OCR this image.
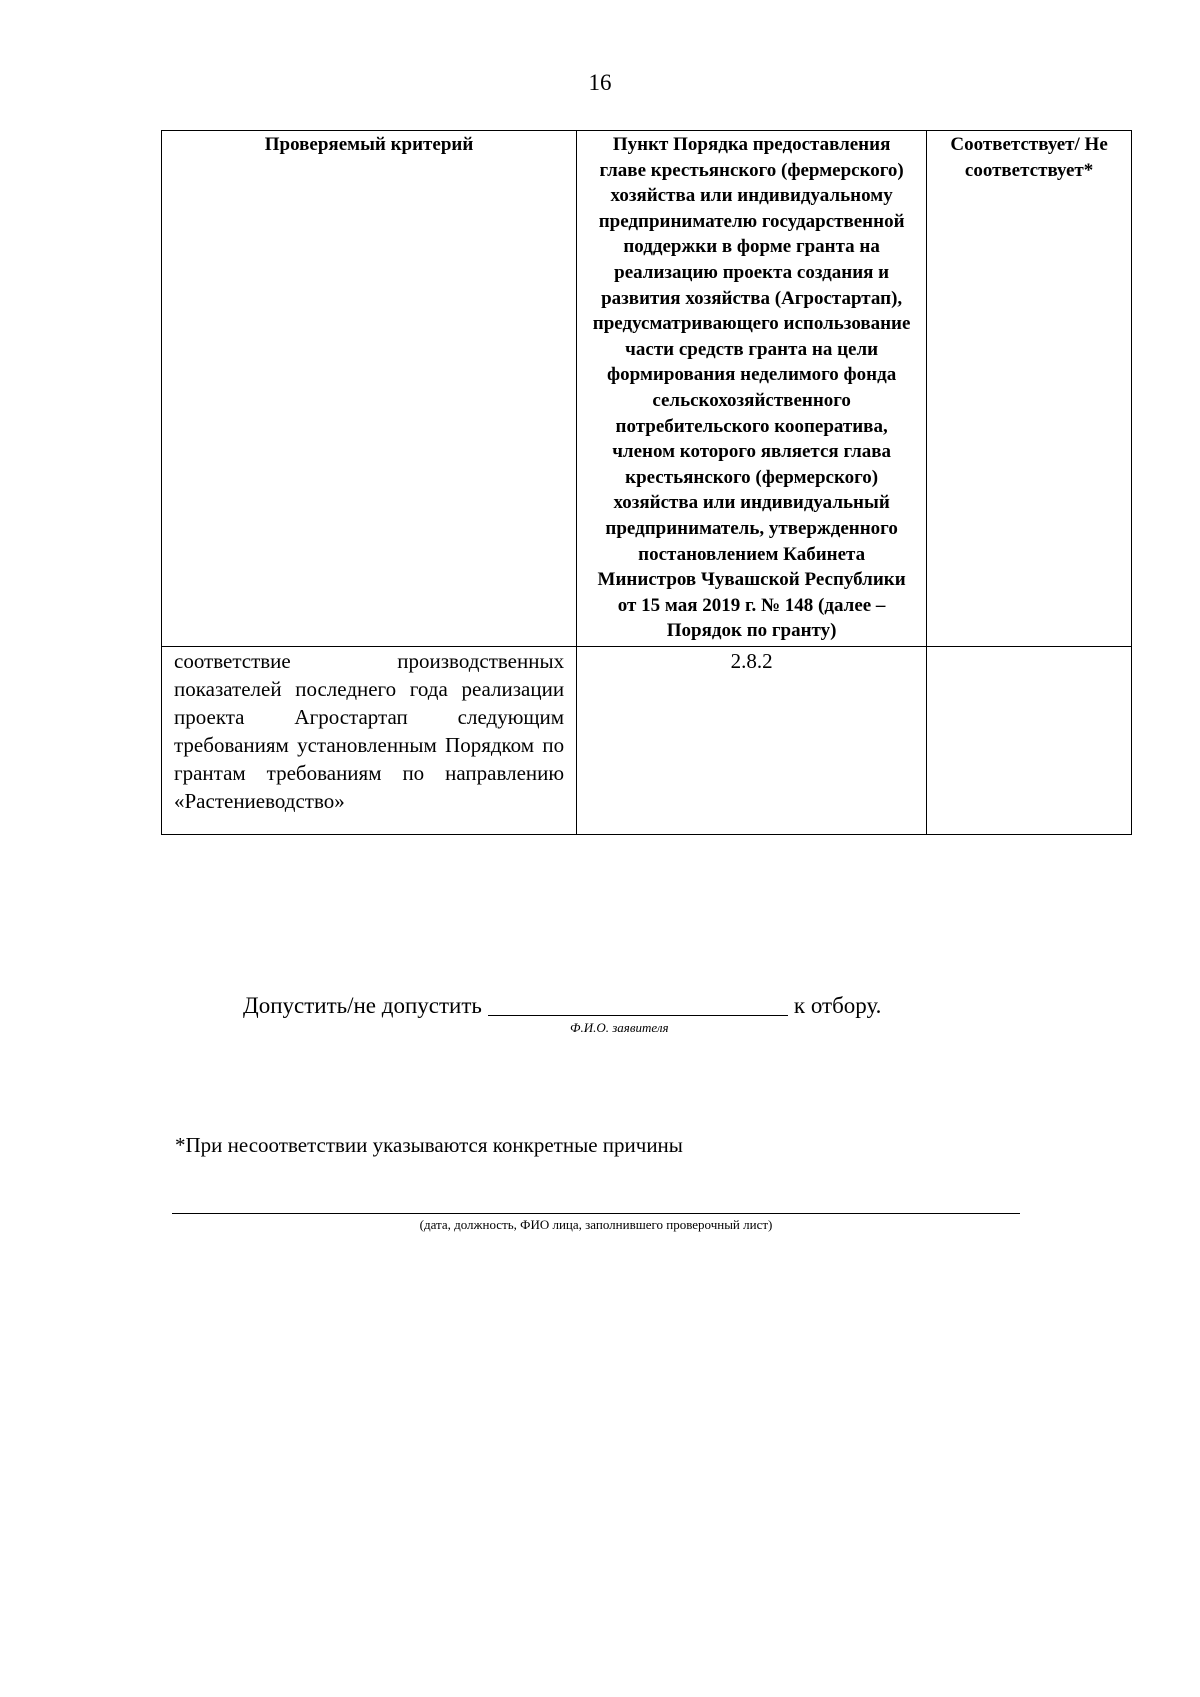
16
Проверяемый критерий	Пункт Порядка предоставления главе крестьянского (фермерского) хозяйства или индивидуальному предпринимателю государственной поддержки в форме гранта на реализацию проекта создания и развития хозяйства (Агростартап), предусматривающего использование части средств гранта на цели формирования неделимого фонда сельскохозяйственного потребительского кооператива, членом которого является глава крестьянского (фермерского) хозяйства или индивидуальный предприниматель, утвержденного постановлением Кабинета Министров Чувашской Республики от 15 мая 2019 г. № 148 (далее – Порядок по гранту)	Соответствует/ Не соответствует*
соответствие производственных показателей последнего года реализации проекта Агростартап следующим требованиям установленным Порядком по грантам требованиям по направлению «Растениеводство»	2.8.2	
Допустить/не допустить	к отбору.
Ф.И.О. заявителя
*При несоответствии указываются конкретные причины
(дата, должность, ФИО лица, заполнившего проверочный лист)
